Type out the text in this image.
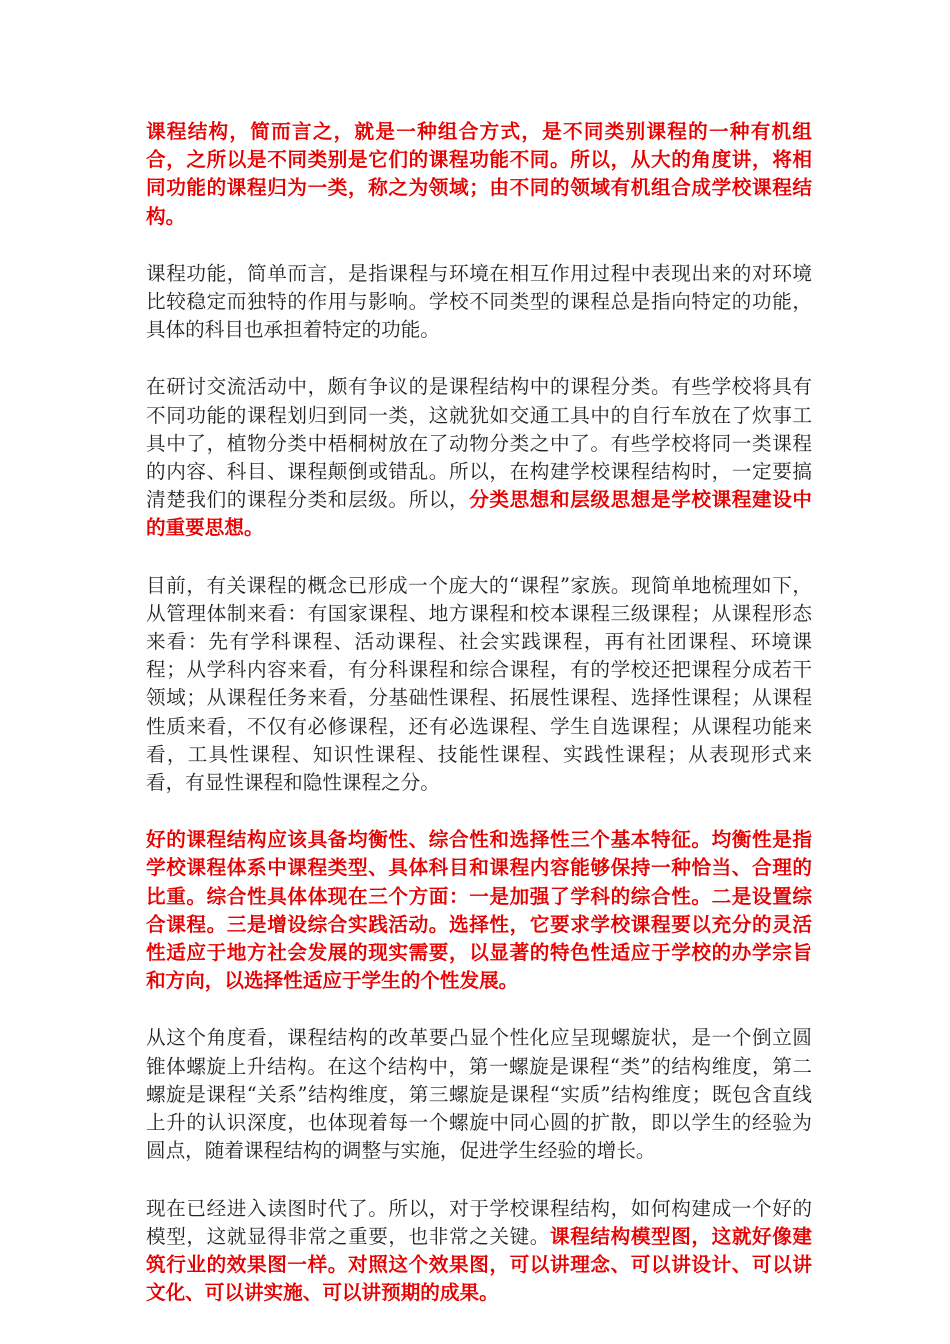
课程结构，简而言之，就是一种组合方式，是不同类别课程的一种有机组合，之所以是不同类别是它们的课程功能不同。所以，从大的角度讲，将相同功能的课程归为一类，称之为领域；由不同的领域有机组合成学校课程结构。

课程功能，简单而言，是指课程与环境在相互作用过程中表现出来的对环境比较稳定而独特的作用与影响。学校不同类型的课程总是指向特定的功能，具体的科目也承担着特定的功能。

在研讨交流活动中，颇有争议的是课程结构中的课程分类。有些学校将具有不同功能的课程划归到同一类，这就犹如交通工具中的自行车放在了炊事工具中了，植物分类中梧桐树放在了动物分类之中了。有些学校将同一类课程的内容、科目、课程颠倒或错乱。所以，在构建学校课程结构时，一定要搞清楚我们的课程分类和层级。所以，分类思想和层级思想是学校课程建设中的重要思想。

目前，有关课程的概念已形成一个庞大的“课程”家族。现简单地梳理如下，从管理体制来看：有国家课程、地方课程和校本课程三级课程；从课程形态来看：先有学科课程、活动课程、社会实践课程，再有社团课程、环境课程；从学科内容来看，有分科课程和综合课程，有的学校还把课程分成若干领域；从课程任务来看，分基础性课程、拓展性课程、选择性课程；从课程性质来看，不仅有必修课程，还有必选课程、学生自选课程；从课程功能来看，工具性课程、知识性课程、技能性课程、实践性课程；从表现形式来看，有显性课程和隐性课程之分。

好的课程结构应该具备均衡性、综合性和选择性三个基本特征。均衡性是指学校课程体系中课程类型、具体科目和课程内容能够保持一种恰当、合理的比重。综合性具体体现在三个方面：一是加强了学科的综合性。二是设置综合课程。三是增设综合实践活动。选择性，它要求学校课程要以充分的灵活性适应于地方社会发展的现实需要，以显著的特色性适应于学校的办学宗旨和方向，以选择性适应于学生的个性发展。

从这个角度看，课程结构的改革要凸显个性化应呈现螺旋状，是一个倒立圆锥体螺旋上升结构。在这个结构中，第一螺旋是课程“类”的结构维度，第二螺旋是课程“关系”结构维度，第三螺旋是课程“实质”结构维度；既包含直线上升的认识深度，也体现着每一个螺旋中同心圆的扩散，即以学生的经验为圆点，随着课程结构的调整与实施，促进学生经验的增长。

现在已经进入读图时代了。所以，对于学校课程结构，如何构建成一个好的模型，这就显得非常之重要，也非常之关键。课程结构模型图，这就好像建筑行业的效果图一样。对照这个效果图，可以讲理念、可以讲设计、可以讲文化、可以讲实施、可以讲预期的成果。
